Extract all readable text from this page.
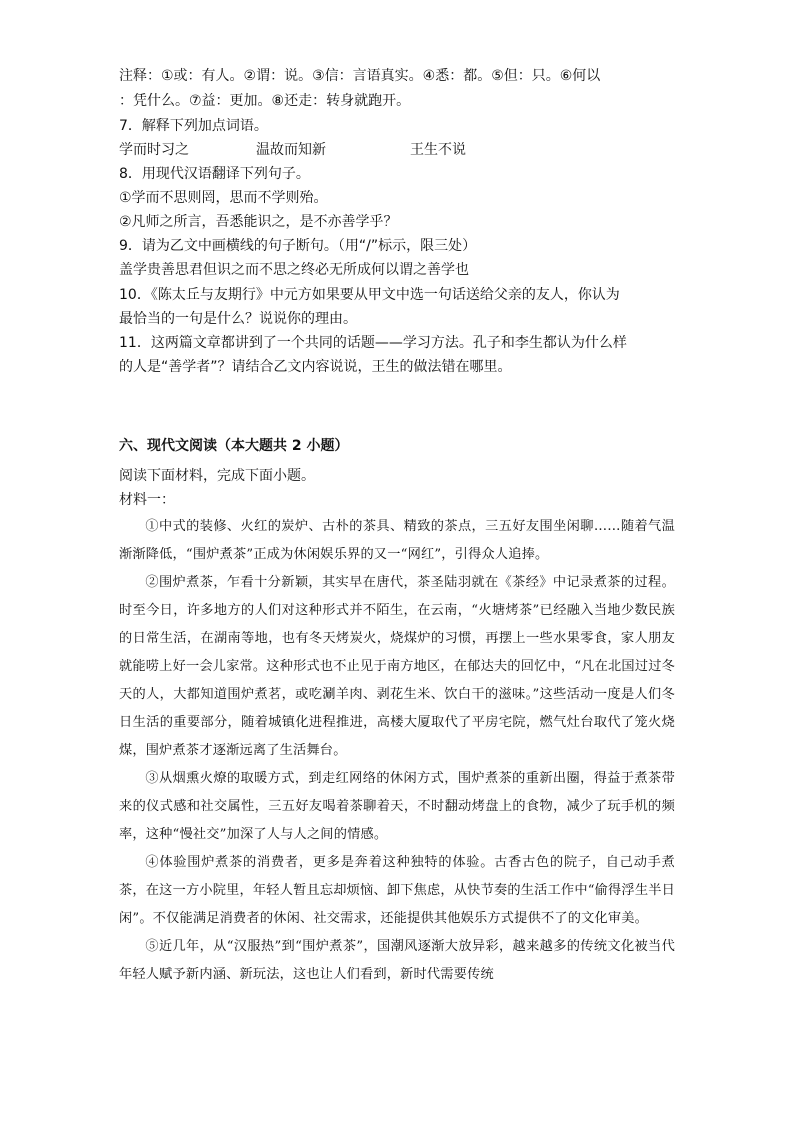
注释：①或：有人。②谓：说。③信：言语真实。④悉：都。⑤但：只。⑥何以
：凭什么。⑦益：更加。⑧还走：转身就跑开。
7．解释下列加点词语。
学而时习之	温故而知新	王生不说
8．用现代汉语翻译下列句子。
①学而不思则罔，思而不学则殆。
②凡师之所言，吾悉能识之，是不亦善学乎？
9．请为乙文中画横线的句子断句。（用“/”标示，限三处）
盖学贵善思君但识之而不思之终必无所成何以谓之善学也
10．《陈太丘与友期行》中元方如果要从甲文中选一句话送给父亲的友人，你认为
最恰当的一句是什么？说说你的理由。
11．这两篇文章都讲到了一个共同的话题——学习方法。孔子和李生都认为什么样
的人是“善学者”？请结合乙文内容说说，王生的做法错在哪里。
六、现代文阅读（本大题共 2 小题）
阅读下面材料，完成下面小题。
材料一：

①中式的装修、火红的炭炉、古朴的茶具、精致的茶点，三五好友围坐闲聊……随着气温渐渐降低，“围炉煮茶”正成为休闲娱乐界的又一“网红”，引得众人追捧。

②围炉煮茶，乍看十分新颖，其实早在唐代，茶圣陆羽就在《茶经》中记录煮茶的过程。时至今日，许多地方的人们对这种形式并不陌生，在云南，“火塘烤茶”已经融入当地少数民族的日常生活，在湖南等地，也有冬天烤炭火，烧煤炉的习惯，再摆上一些水果零食，家人朋友就能唠上好一会儿家常。这种形式也不止见于南方地区，在郁达夫的回忆中，“凡在北国过过冬天的人，大都知道围炉煮茗，或吃涮羊肉、剥花生米、饮白干的滋味。”这些活动一度是人们冬日生活的重要部分，随着城镇化进程推进，高楼大厦取代了平房宅院，燃气灶台取代了笼火烧煤，围炉煮茶才逐渐远离了生活舞台。

③从烟熏火燎的取暖方式，到走红网络的休闲方式，围炉煮茶的重新出圈，得益于煮茶带来的仪式感和社交属性，三五好友喝着茶聊着天，不时翻动烤盘上的食物，减少了玩手机的频率，这种“慢社交”加深了人与人之间的情感。

④体验围炉煮茶的消费者，更多是奔着这种独特的体验。古香古色的院子，自己动手煮茶，在这一方小院里，年轻人暂且忘却烦恼、卸下焦虑，从快节奏的生活工作中“偷得浮生半日闲”。不仅能满足消费者的休闲、社交需求，还能提供其他娱乐方式提供不了的文化审美。

⑤近几年，从“汉服热”到“围炉煮茶”，国潮风逐渐大放异彩，越来越多的传统文化被当代年轻人赋予新内涵、新玩法，这也让人们看到，新时代需要传统
